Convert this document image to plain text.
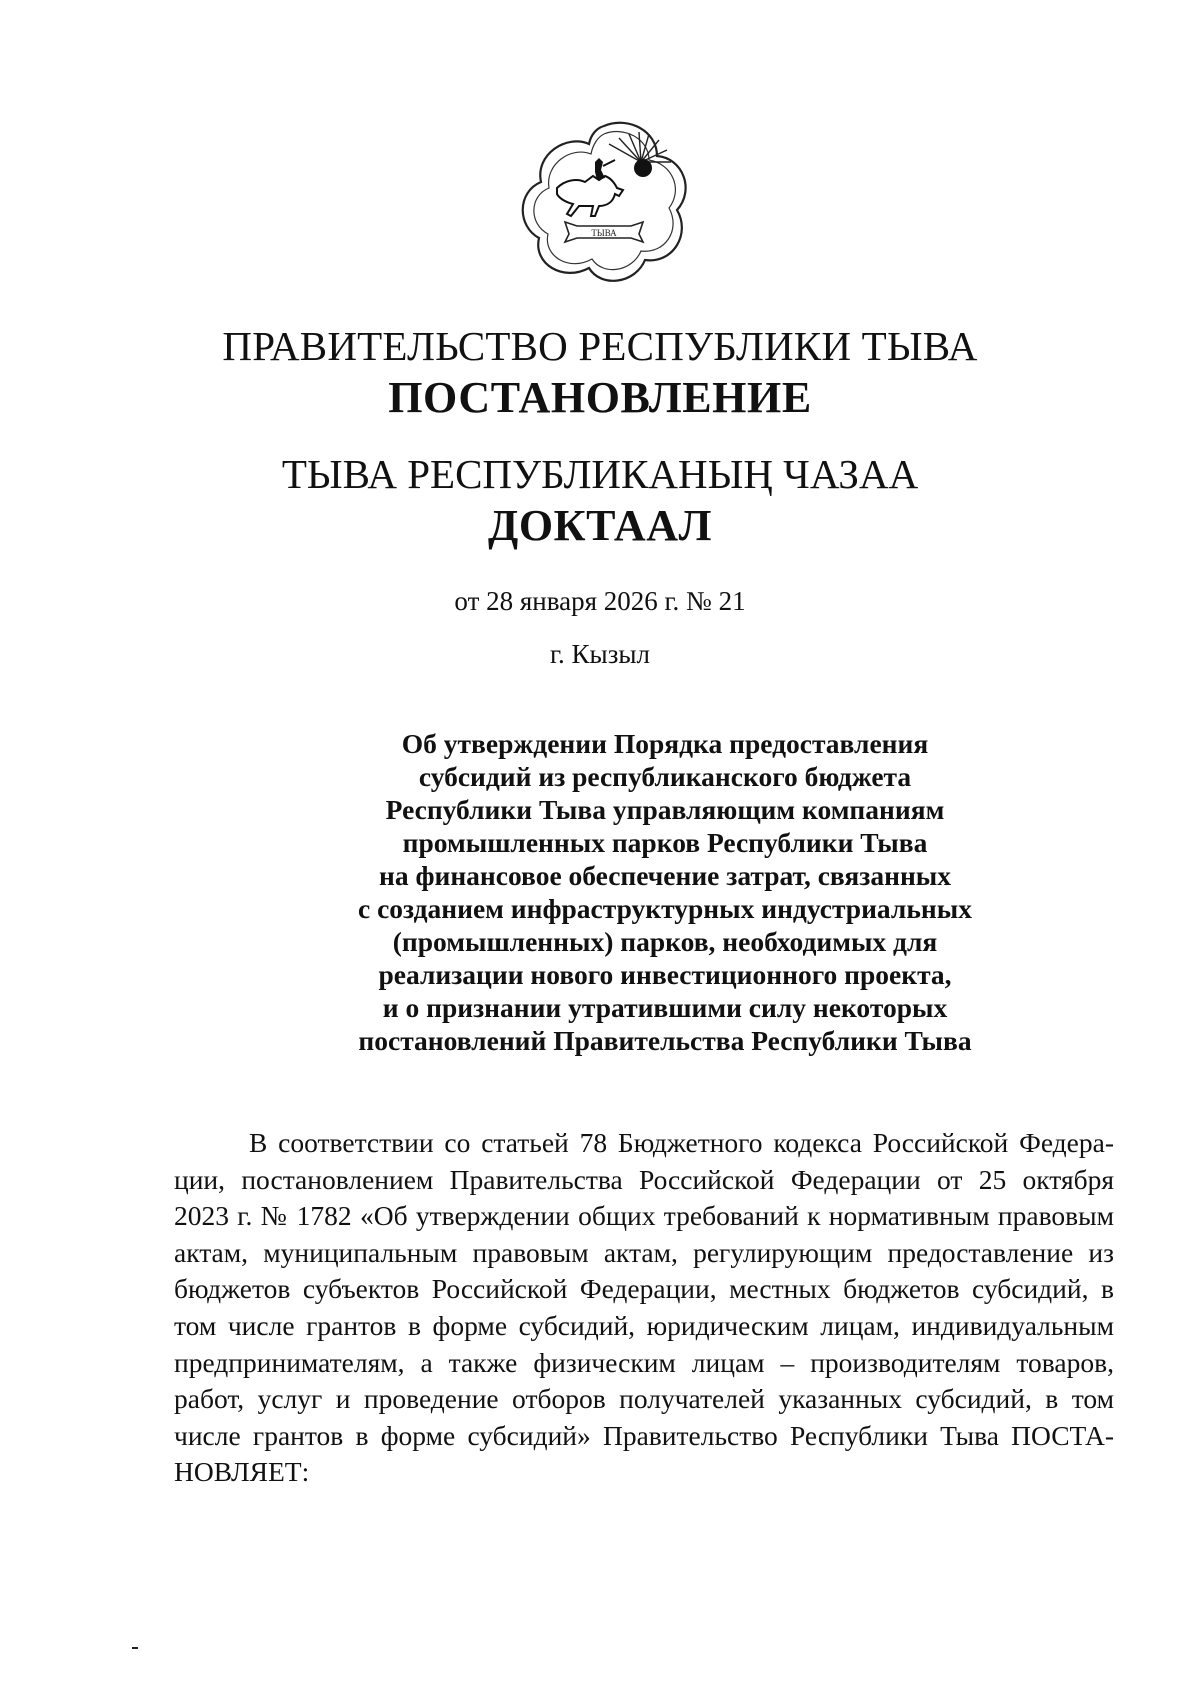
ТЫВА
ПРАВИТЕЛЬСТВО РЕСПУБЛИКИ ТЫВА
ПОСТАНОВЛЕНИЕ
ТЫВА РЕСПУБЛИКАНЫҢ ЧАЗАА
ДОКТААЛ
от 28 января 2026 г. № 21
г. Кызыл
Об утверждении Порядка предоставления
субсидий из республиканского бюджета
Республики Тыва управляющим компаниям
промышленных парков Республики Тыва
на финансовое обеспечение затрат, связанных
с созданием инфраструктурных индустриальных
(промышленных) парков, необходимых для
реализации нового инвестиционного проекта,
и о признании утратившими силу некоторых
постановлений Правительства Республики Тыва
В соответствии со статьей 78 Бюджетного кодекса Российской Федера-
ции, постановлением Правительства Российской Федерации от 25 октября
2023 г. № 1782 «Об утверждении общих требований к нормативным правовым
актам, муниципальным правовым актам, регулирующим предоставление из
бюджетов субъектов Российской Федерации, местных бюджетов субсидий, в
том числе грантов в форме субсидий, юридическим лицам, индивидуальным
предпринимателям, а также физическим лицам – производителям товаров,
работ, услуг и проведение отборов получателей указанных субсидий, в том
числе грантов в форме субсидий» Правительство Республики Тыва ПОСТА-
НОВЛЯЕТ:
